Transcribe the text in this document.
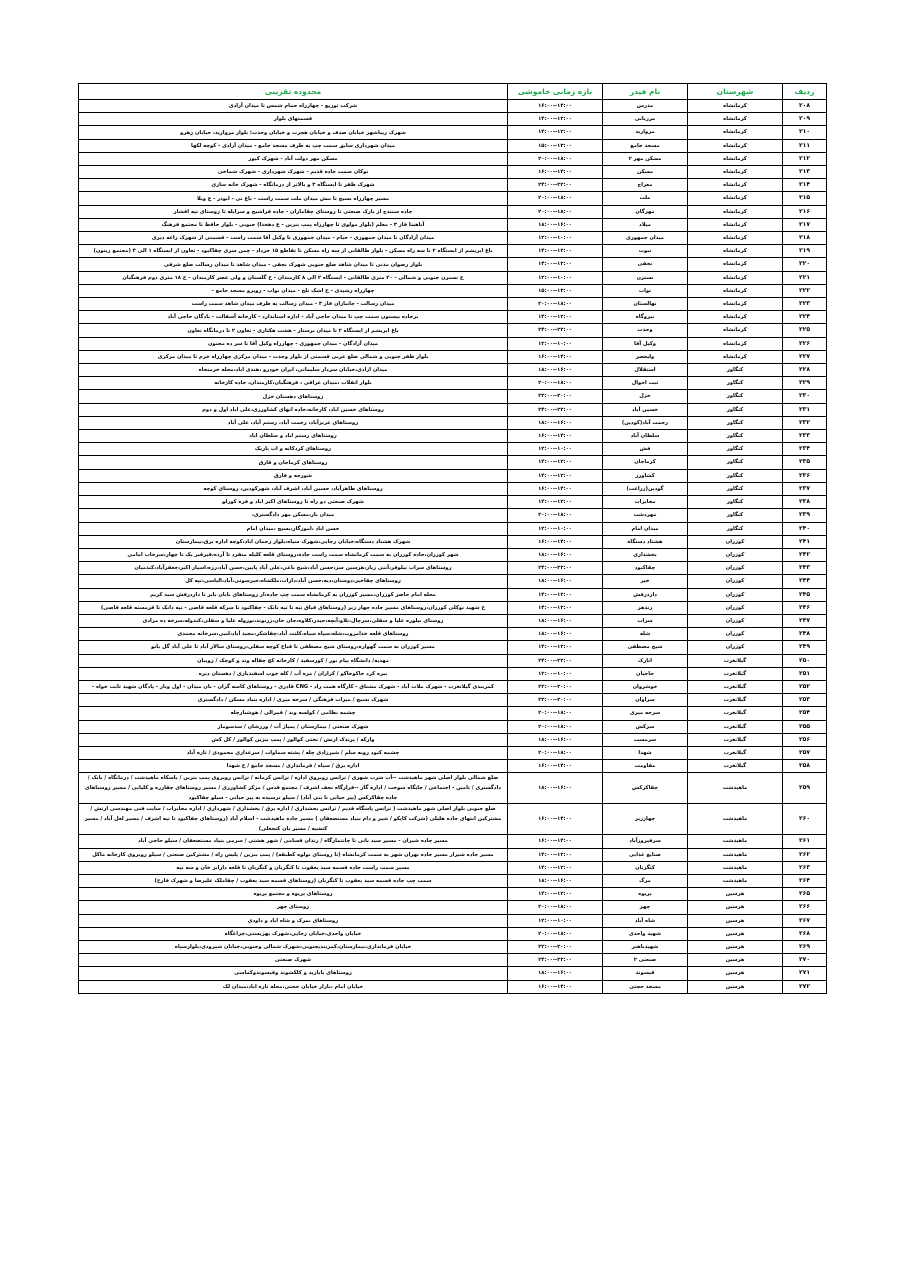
ردیف	شهرستان	نام فیدر	بازه زمانی خاموشی	محدوده تقریبی
۲۰۸	کرمانشاه	مدرس	۱۴:۰۰--۱۶:۰۰	شرکت توزیع - چهارراه حمام شمس تا میدان آزادی
۲۰۹	کرمانشاه	مرزبانی	۱۲:۰۰--۱۴:۰۰	قسمتهای بلوار
۲۱۰	کرمانشاه	مروارید	۱۲:۰۰--۱۴:۰۰	شهرک زیباشهر خیابان صدف و خیابان هجرت و خیابان وحدت؛ بلوار مروارید، خیابان رهرو
۲۱۱	کرمانشاه	مسجد جامع	۱۳:۰۰--۱۵:۰۰	میدان شهرداری سابق سمت چپ به طرف مسجد جامع - میدان آزادی - کوچه لکها
۲۱۲	کرمانشاه	مسکن مهر ۲	۱۸:۰۰--۲۰:۰۰	مسکن مهر دولت آباد - شهرک کیوز
۲۱۳	کرمانشاه	مسکن	۱۴:۰۰--۱۶:۰۰	نوکان سمت جاده قدیم - شهرک شهرداری - شهرک شماخی
۲۱۴	کرمانشاه	معراج	۲۲:۰۰--۲۴:۰۰	شهرک ظفر تا ایستگاه ۳ و بالاتر از درمانگاه - شهرک خانه سازی
۲۱۵	کرمانشاه	ملت	۱۸:۰۰--۲۰:۰۰	مسیر چهارراه بسیج تا نبش میدان ملت سمت راست - باغ نی - ابوذر - ع ویلا
۲۱۶	کرمانشاه	مهرگان	۱۸:۰۰--۲۰:۰۰	جاده سنندج از پارک صنعتی تا روستای چقاماران - جاده قراشیخ و سرابله تا روستای تپه افشار
۲۱۷	کرمانشاه	میلاد	۱۶:۰۰--۱۸:۰۰	آناهیتا فاز ۳ - معلم (بلوار مولوی تا چهارراه پمپ بنزین - ع دهخدا) جنوبی - بلوار حافظ تا مجتمع فرهنگ
۲۱۸	کرمانشاه	میدان جمهوری	۱۰:۰۰--۱۲:۰۰	میدان آزادگان تا میدان جمهوری - خیام - میدان جمهوری تا وکیل آقا سمت راست - قسمتی از شهرک زاغه دیری
۲۱۹	کرمانشاه	نبوت	۱۲:۰۰--۱۴:۰۰	باغ ابریشم از ایستگاه ۲ تا سه راه مسکن - بلوار طالقانی از سه راه مسکن تا تقاطع ۱۵ خرداد - چمن سری چقاکبود - تعاون از ایستگاه ۱ الی ۴ (مجتمع زیتون)
۲۲۰	کرمانشاه	نجفی	۱۲:۰۰--۱۴:۰۰	بلوار رضوان مدنی تا میدان شاهد ضلع جنوبی شهرک نجفی - میدان شاهد تا میدان رسالت ضلع شرقی
۲۲۱	کرمانشاه	نسترن	۱۰:۰۰--۱۲:۰۰	خ نسترن جنوبی و شمالی - ۲۰ متری طالقانی - ایستگاه ۲ الی ۸ کارمندان - خ گلستان و ولی عصر کارمندان - خ ۱۸ متری دوم فرهنگیان
۲۲۲	کرمانشاه	نواب	۱۳:۰۰--۱۵:۰۰	چهارراه رشیدی - خ اشک تلخ - میدان نواب - روبرو مسجد جامع -
۲۲۳	کرمانشاه	نهالستان	۱۸:۰۰--۲۰:۰۰	میدان رسالت - جانبازان فاز ۳ - میدان رسالت به طرف میدان شاهد سمت راست
۲۲۴	کرمانشاه	نیروگاه	۱۲:۰۰--۱۴:۰۰	برجاده بیستون سمت چپ تا میدان حاجی آباد - اداره استاندارد - کارخانه آسفالت - پادگان حاجی آباد
۲۲۵	کرمانشاه	وحدت	۲۲:۰۰--۲۴:۰۰	باغ ابریشم از ایستگاه ۲ تا میدان برستار - هشت هکتاری - تعاون ۲ تا درمانگاه تعاون
۲۲۶	کرمانشاه	وکیل آقا	۱۰:۰۰--۱۲:۰۰	میدان آزادگان - میدان جمهوری - چهارراه وکیل آقا تا سر ده مجنون
۲۲۷	کرمانشاه	ولیعصر	۱۴:۰۰--۱۶:۰۰	بلوار ظفر جنوبی و شمالی ضلع غربی قسمتی از بلوار وحدت - میدان مرکزی چهارراه خرم تا میدان مرکزی
۲۲۸	کنگاور	استقلال	۱۶:۰۰--۱۸:۰۰	میدان ازادی،خیابان سردار سلیمانی، ایران خودرو ،هندی اباد،محله خرمنجاه
۲۲۹	کنگاور	ثبت احوال	۱۸:۰۰--۲۰:۰۰	بلوار انقلاب ،میدان عراقی ، فرهنگیان،کارمندان، جاده کارخانه
۲۳۰	کنگاور	خزل	۲۰:۰۰--۲۲:۰۰	روستاهای دهستان خزل
۲۳۱	کنگاور	خسین آباد	۲۲:۰۰--۲۴:۰۰	روستاهای خسین اباد، کارخانه،جاده انهای کشاورزی،علی اباد اول و دوم
۲۳۲	کنگاور	رحمت آباد(کودین)	۱۶:۰۰--۱۸:۰۰	روستاهای عزیزآباد، رحمت آباد، رستم آباد، علی آباد
۲۳۳	کنگاور	سلطان آباد	۱۴:۰۰--۱۶:۰۰	روستاهای رستم اباد و سلطان اباد
۲۳۴	کنگاور	فش	۱۰:۰۰--۱۲:۰۰	روستاهای کردکانه و اب باریک
۲۳۵	کنگاور	کرماجان	۱۲:۰۰--۱۴:۰۰	روستاهای کرماجان و قارق
۲۳۶	کنگاور	کشاورز	۱۲:۰۰--۱۴:۰۰	شورجه و قارق
۲۳۷	کنگاور	گودین(زراعت)	۱۴:۰۰--۱۶:۰۰	روستاهای طاهرآباد، حسین آباد، اشرف آباد، شهرکودین، روستای کوچه
۲۳۸	کنگاور	مخابرات	۱۲:۰۰--۱۴:۰۰	شهرک صنعتی دو راه تا روستاهای اکبر اباد و قره کوزلو
۲۳۹	کنگاور	مهردشت	۱۸:۰۰--۲۰:۰۰	میدان بار،مسکن مهر دادگستری،
۲۴۰	کنگاور	میدان امام	۱۰:۰۰--۱۲:۰۰	حسن اباد ،اموزگار،بسیج ،میدان امام
۲۴۱	کوزران	هشتاد دستگاه	۱۴:۰۰--۱۶:۰۰	شهرک هشتاد دستگاه،خیابان رجایی،شهرک سپاه،بلوار رحمان اباد،کوچه اداره برق،بیمارستان
۲۴۲	کوزران	بخشداری	۱۶:۰۰--۱۸:۰۰	شهر کوزران،جاده کوزران به سمت کرمانشاه سمت راست جاده،روستای قلعه کلیله منفرد تا آرده،قیرقیر یک تا چهار،سرخاب امامی
۲۴۳	کوزران	چقاکبود	۲۲:۰۰--۲۴:۰۰	روستاهای سراب نیلوفر،آنتی زیار،هرسین سر،حسن آباد،شیخ باغی،علی آباد پایین،حسن آباد،رزه،اسپار اکبر،جعفرآباد،کندمیان
۲۴۴	کوزران	خیر	۱۶:۰۰--۱۸:۰۰	روستاهای چقاخیر،دوستان،دیه،حسن آباد،داراب،ملکشاه،خیرسوتی،آباد،الیاسی،تپه کل
۲۴۵	کوزران	داردرفش	۱۲:۰۰--۱۴:۰۰	محله امام حاضر کوزران،مسیر کوزران به کرمانشاه سمت چپ جاده،از روستاهای بابان بابر تا داردرفش سید کریم
۲۴۶	کوزران	زندهر	۱۲:۰۰--۱۴:۰۰	خ شهید نوکلی کوزران،روستاهای مسیر جاده چهار زبر (روستاهای قباق تپه تا تپه تانک - چقاکبود تا سرکه قلعه قاضی - تپه دانک تا قرمسته قلعه قاضی)
۲۴۷	کوزران	سراب	۱۶:۰۰--۱۸:۰۰	روستای نیلوره علیا و سفلی،سرچال،تلاو،آبچه،حیدر،کلاوه،جان خان،زرنوند،نوروله علیا و سفلی،کندوله،سرخه ده مرادی
۲۴۸	کوزران	شله	۱۶:۰۰--۱۸:۰۰	روستاهای قلعه خدامروت،شله،سیاه سیاه،کلنت آباد،چقاشکر،مجید آباد،لنبی،سرخانه محمدی
۲۴۹	کوزران	شیخ مصطفی	۱۲:۰۰--۱۴:۰۰	مسیر کوزران به سمت گهواره،روستای شیخ مصطفی تا قباخ کوچه سفلی،روستای سالار آباد تا علی آباد گل بانو
۲۵۰	گیلانغرب	اتارک	۲۲:۰۰--۲۴:۰۰	مهدیه/ دانشگاه پیام نور / کورسفید / کارخانه کچ چقاله وند و کوچک / رویبان
۲۵۱	گیلانغرب	حاجیان	۱۰:۰۰--۱۲:۰۰	بیره کرد خاکوخاکو / کرازان / مره آب / کله جوب اسفندیاری / دهستان دیره
۲۵۲	گیلانغرب	خوشروان	۲۰:۰۰--۲۲:۰۰	کمربندی گیلانغرب - شهرک ملات آباد - شهرک مشتاق - کارگاه همت راد - CNG قادری - روستاهای کاسه گران - بان میدان - اول وبار - پادگان شهید ثابت خواه -
۲۵۳	گیلانغرب	سراوان	۲۰:۰۰--۲۲:۰۰	شهرک بسیج / میرات فرهنگی / سرخه میری / اداره بنیاد مسکن / دادگستری
۲۵۴	گیلانغرب	سرخه میری	۱۸:۰۰--۲۰:۰۰	چشمه نظامی / کولسه وند / قمرالی / هوشیارچله
۲۵۵	گیلانغرب	سرکش	۱۸:۰۰--۲۰:۰۰	شهرک صنعتی / بیمارستان / پمپاژ آب / ورزشان / سدسوماز
۲۵۶	گیلانغرب	سرمست	۱۶:۰۰--۱۸:۰۰	وارکه / پرندک ارتش / تختی کوالور / پمپ بنزین کوالور / کل کش
۲۵۷	گیلانغرب	شهدا	۱۸:۰۰--۲۰:۰۰	چشمه کبود رونه سلم / شیرزادی چله / پشته سماوات / سرغداری محمودی / تازه آباد
۲۵۸	گیلانغرب	مقاومت	۱۴:۰۰--۱۶:۰۰	اداره برق / سپاه / فرمانداری / مسجد جامع / خ شهدا
۲۵۹	ماهیدشت	چقاکرکس	۱۶:۰۰--۱۸:۰۰	ضلع شمالی بلوار اصلی شهر ماهیدشت --آب شرب شهری / ترانس روبروی اداره / ترانس کرمانه / ترانس روبروی پمپ بنزین / باسکاه ماهیدشت / درمانگاه / بانک / دادگستری / تامین - اجتماعی / جایگاه سوخت / اداره گاز --قرارگاه نجف اشرف / مجتمع قدس / مرکز کشاورزی / مسیر روستاهای چقارزه و کلیایی / مسیر روستاهای جاده چقاکرکس (پیر حیاتی تا بنی آباد) / سیلو ترسیده به پیر حیاتی - سیلو چقاکبود
۲۶۰	ماهیدشت	چهارزبر	۱۴:۰۰--۱۶:۰۰	ضلع جنوبی بلوار اصلی شهر ماهیدشت ( ترانس پاسگاه قدیم / ترانس بخشداری / اداره برق / بخشداری / شهرداری / اداره مخابرات / سایت فنی مهندسی ارتش / مشترکین انتهای جاده هلیلی (شرکت کاپکو / شیر و دام بنیاد مستضعفان ) مسیر جاده ماهیدشت - اسلام آباد (روستاهای چقاکبود تا تپه اشرف / مسیر لعل آباد / مسیر کتشیه / مسیر بان کنجعلی)
۲۶۱	ماهیدشت	سرفیروزآباد	۱۴:۰۰--۱۶:۰۰	مسیر جاده شیران - مسیر سید ناتی تا جانتمارگاه / زندان قسامی / شهر هشتی / سرمی بنیاد مستضعفان / سیلو حاجی آباد
۲۶۲	ماهیدشت	صنایع غذایی	۱۲:۰۰--۱۴:۰۰	مسیر جاده شیراز مسیر جاده نهران شهر به سمت کرمانشاه (تا روستای تولوه کطبقه) / پمپ بنزین / پلیس راه / مشترکین صنعتی / سیلو روبروی کارخانه ماکل
۲۶۳	ماهیدشت	کنگربان	۱۲:۰۰--۱۴:۰۰	مسیر سمت راست جاده قسمه سید یعقوب تا کنگربان و کنگربان تا قلعه دارابر خان و سه تپه
۲۶۴	ماهیدشت	مرگ	۱۶:۰۰--۱۸:۰۰	سمت چپ جاده قسمه سید یعقوب تا کنگربان (روستاهای قسمه سید یعقوب / چقاملک علیرضا و شهرک فارح)
۲۶۵	هرسین	پریوه	۱۲:۰۰--۱۴:۰۰	روستاهای پریوه و مجتمع پریوه
۲۶۶	هرسین	چهر	۱۸:۰۰--۲۰:۰۰	روستای چهر
۲۶۷	هرسین	شاه آباد	۱۰:۰۰--۱۲:۰۰	روستاهای نمرک و شاه اباد و داودی
۲۶۸	هرسین	شهید واحدی	۱۸:۰۰--۲۰:۰۰	خیابان واحدی،خیابان رجایی،شهرک بهزیستی،چراغگاه
۲۶۹	هرسین	شهیدباهنر	۲۰:۰۰--۲۲:۰۰	خیابان فرمانداری،بیمارستان،کمربندیجنوبی،شهرک شمالی وجنوبی،خیابان شیرودی،بلوارسپاه
۲۷۰	هرسین	صنعتی ۲	۲۲:۰۰--۲۴:۰۰	شهرک صنعتی
۲۷۱	هرسین	قیسوند	۱۶:۰۰--۱۸:۰۰	روستاهای بابازید و کلکشوند وقیسوندوکماسی
۲۷۲	هرسین	مسجد حجتی	۱۴:۰۰--۱۶:۰۰	خیابان امام ،بازار خیابان حجتی،محله تازه اباد،میدان لک
